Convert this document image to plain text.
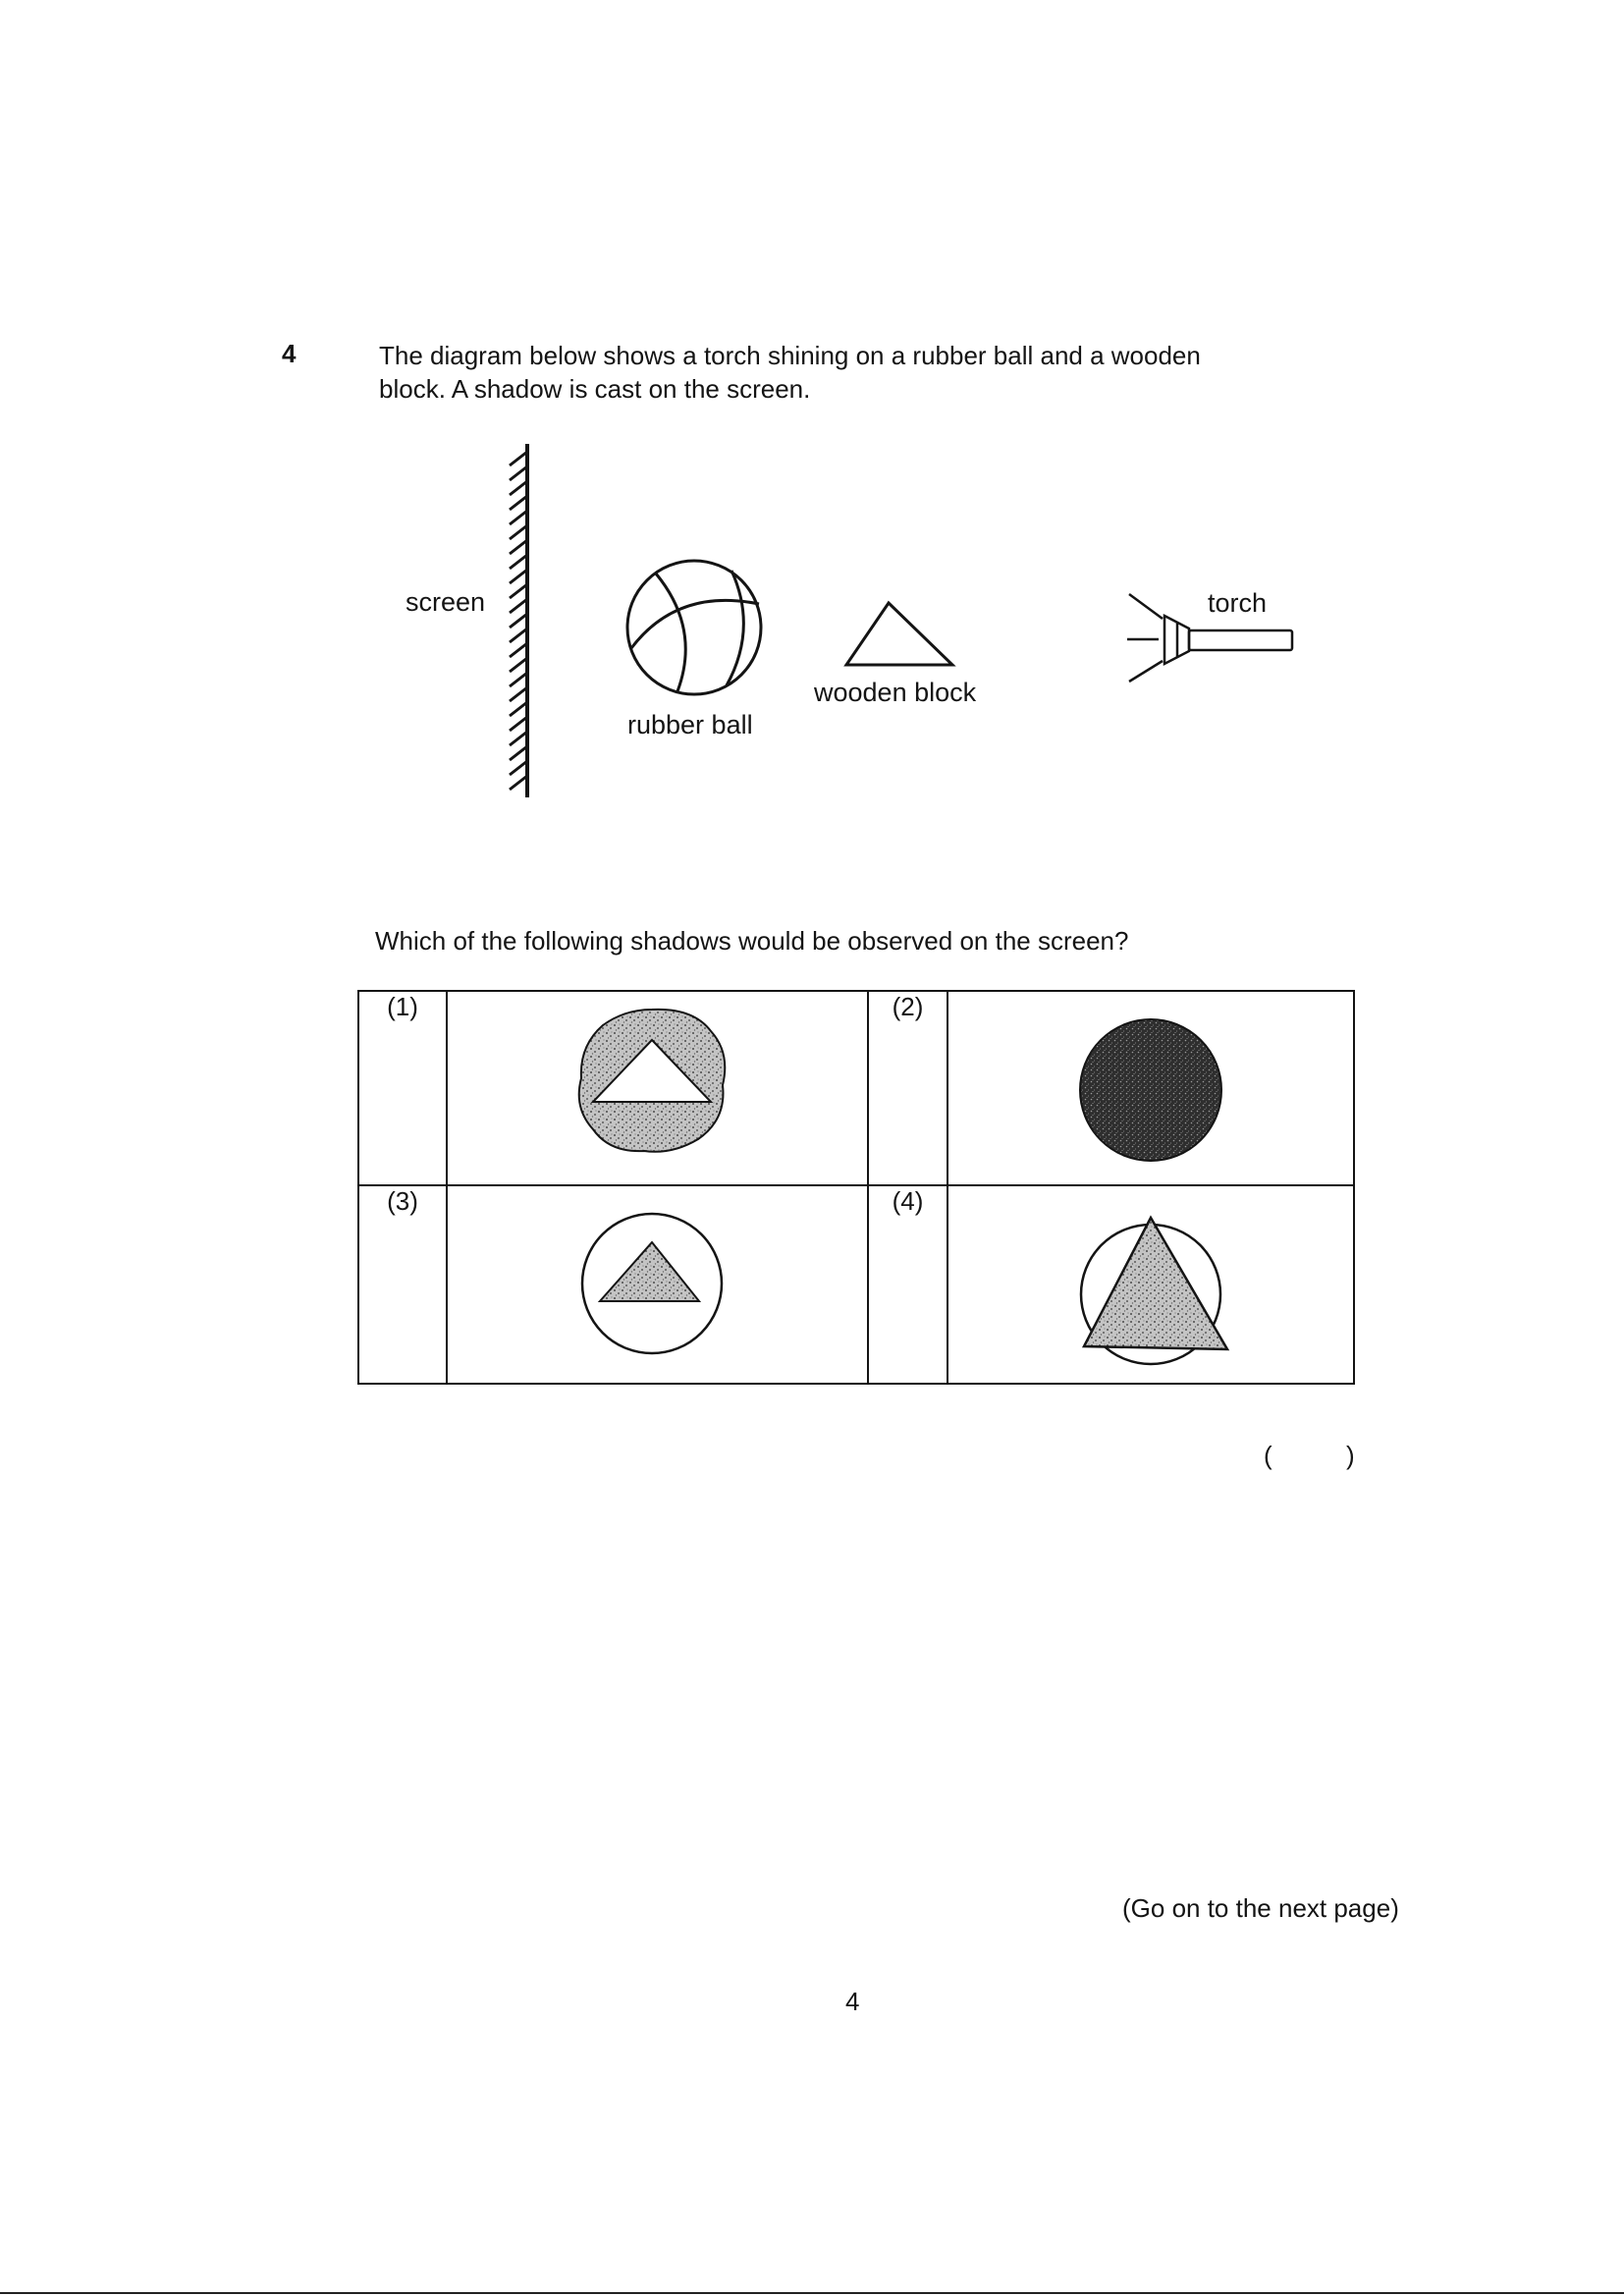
4	The diagram below shows a torch shining on a rubber ball and a wooden
block. A shadow is cast on the screen.
screen
rubber ball
wooden block
torch
Which of the following shadows would be observed on the screen?
(1)		(2)	

(3)		(4)	
(	)
(Go on to the next page)
4
